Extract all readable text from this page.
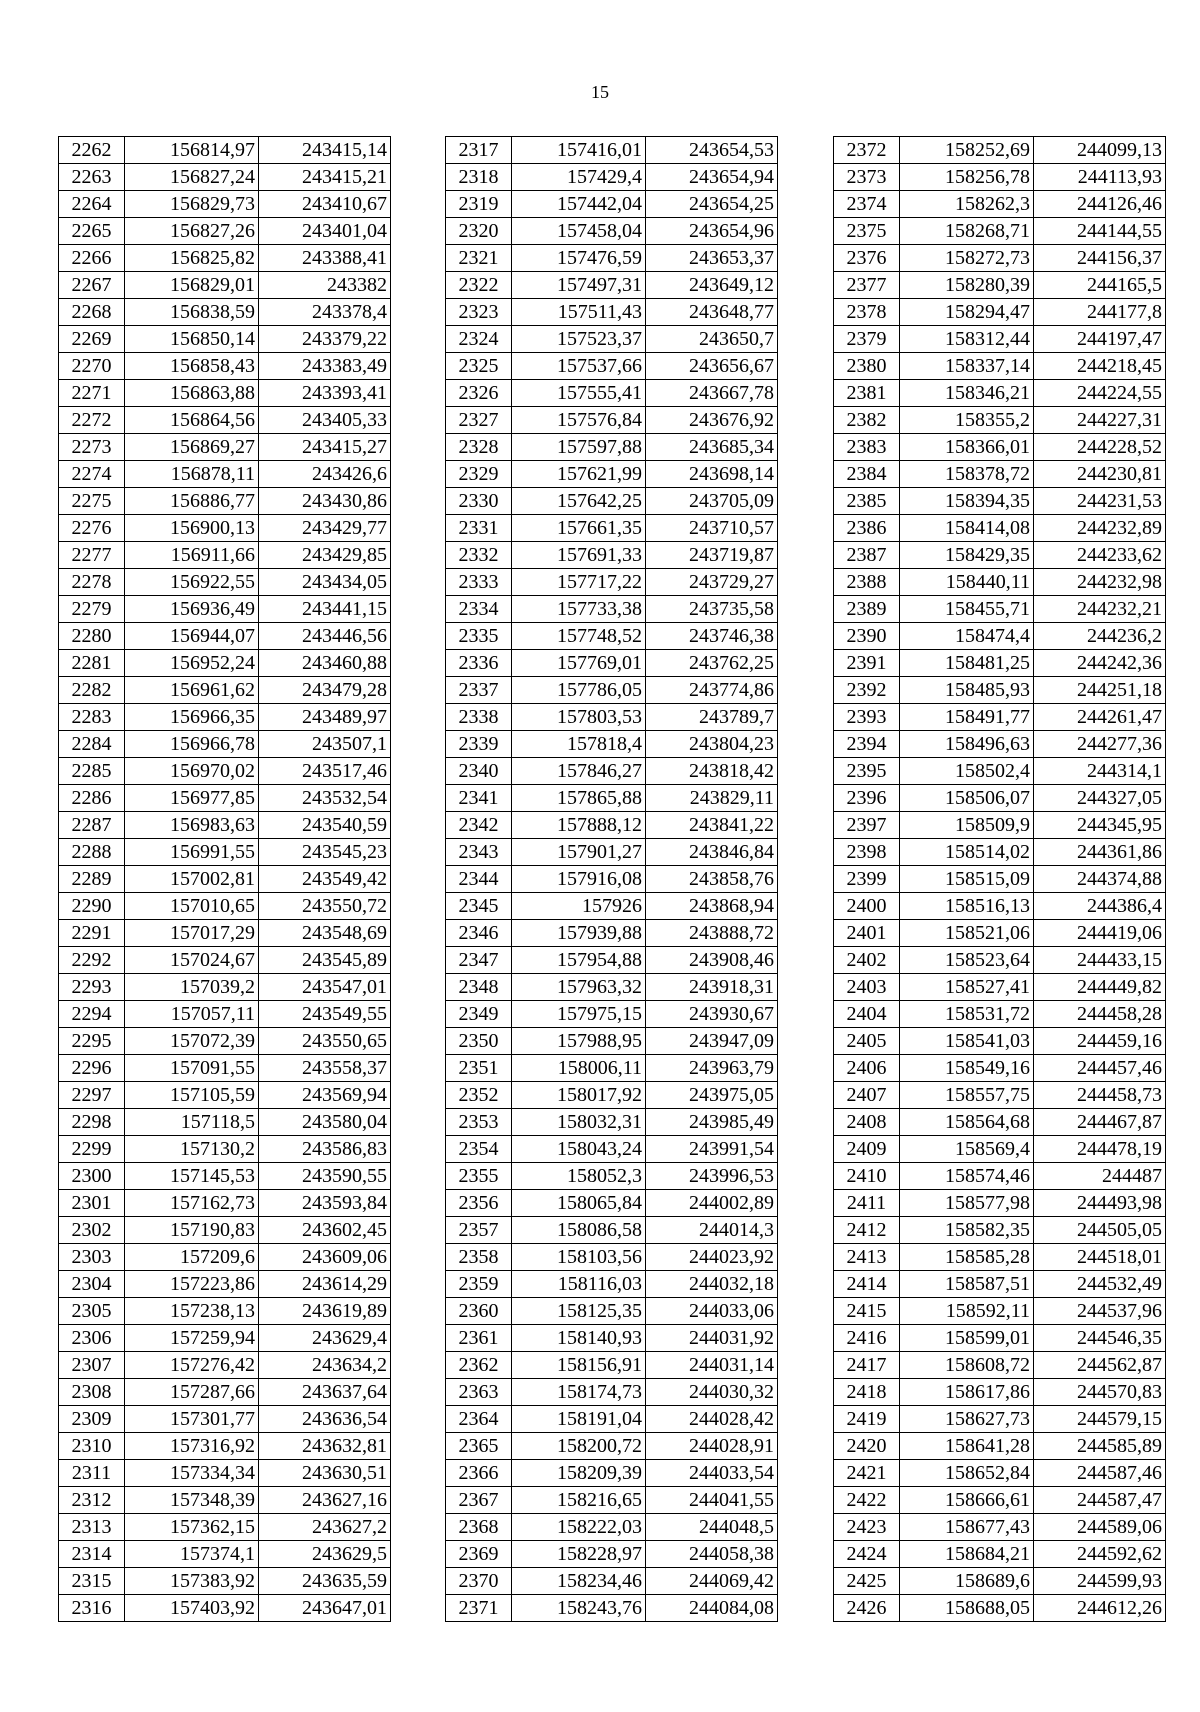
15
2262	156814,97	243415,14
2263	156827,24	243415,21
2264	156829,73	243410,67
2265	156827,26	243401,04
2266	156825,82	243388,41
2267	156829,01	243382
2268	156838,59	243378,4
2269	156850,14	243379,22
2270	156858,43	243383,49
2271	156863,88	243393,41
2272	156864,56	243405,33
2273	156869,27	243415,27
2274	156878,11	243426,6
2275	156886,77	243430,86
2276	156900,13	243429,77
2277	156911,66	243429,85
2278	156922,55	243434,05
2279	156936,49	243441,15
2280	156944,07	243446,56
2281	156952,24	243460,88
2282	156961,62	243479,28
2283	156966,35	243489,97
2284	156966,78	243507,1
2285	156970,02	243517,46
2286	156977,85	243532,54
2287	156983,63	243540,59
2288	156991,55	243545,23
2289	157002,81	243549,42
2290	157010,65	243550,72
2291	157017,29	243548,69
2292	157024,67	243545,89
2293	157039,2	243547,01
2294	157057,11	243549,55
2295	157072,39	243550,65
2296	157091,55	243558,37
2297	157105,59	243569,94
2298	157118,5	243580,04
2299	157130,2	243586,83
2300	157145,53	243590,55
2301	157162,73	243593,84
2302	157190,83	243602,45
2303	157209,6	243609,06
2304	157223,86	243614,29
2305	157238,13	243619,89
2306	157259,94	243629,4
2307	157276,42	243634,2
2308	157287,66	243637,64
2309	157301,77	243636,54
2310	157316,92	243632,81
2311	157334,34	243630,51
2312	157348,39	243627,16
2313	157362,15	243627,2
2314	157374,1	243629,5
2315	157383,92	243635,59
2316	157403,92	243647,01
2317	157416,01	243654,53
2318	157429,4	243654,94
2319	157442,04	243654,25
2320	157458,04	243654,96
2321	157476,59	243653,37
2322	157497,31	243649,12
2323	157511,43	243648,77
2324	157523,37	243650,7
2325	157537,66	243656,67
2326	157555,41	243667,78
2327	157576,84	243676,92
2328	157597,88	243685,34
2329	157621,99	243698,14
2330	157642,25	243705,09
2331	157661,35	243710,57
2332	157691,33	243719,87
2333	157717,22	243729,27
2334	157733,38	243735,58
2335	157748,52	243746,38
2336	157769,01	243762,25
2337	157786,05	243774,86
2338	157803,53	243789,7
2339	157818,4	243804,23
2340	157846,27	243818,42
2341	157865,88	243829,11
2342	157888,12	243841,22
2343	157901,27	243846,84
2344	157916,08	243858,76
2345	157926	243868,94
2346	157939,88	243888,72
2347	157954,88	243908,46
2348	157963,32	243918,31
2349	157975,15	243930,67
2350	157988,95	243947,09
2351	158006,11	243963,79
2352	158017,92	243975,05
2353	158032,31	243985,49
2354	158043,24	243991,54
2355	158052,3	243996,53
2356	158065,84	244002,89
2357	158086,58	244014,3
2358	158103,56	244023,92
2359	158116,03	244032,18
2360	158125,35	244033,06
2361	158140,93	244031,92
2362	158156,91	244031,14
2363	158174,73	244030,32
2364	158191,04	244028,42
2365	158200,72	244028,91
2366	158209,39	244033,54
2367	158216,65	244041,55
2368	158222,03	244048,5
2369	158228,97	244058,38
2370	158234,46	244069,42
2371	158243,76	244084,08
2372	158252,69	244099,13
2373	158256,78	244113,93
2374	158262,3	244126,46
2375	158268,71	244144,55
2376	158272,73	244156,37
2377	158280,39	244165,5
2378	158294,47	244177,8
2379	158312,44	244197,47
2380	158337,14	244218,45
2381	158346,21	244224,55
2382	158355,2	244227,31
2383	158366,01	244228,52
2384	158378,72	244230,81
2385	158394,35	244231,53
2386	158414,08	244232,89
2387	158429,35	244233,62
2388	158440,11	244232,98
2389	158455,71	244232,21
2390	158474,4	244236,2
2391	158481,25	244242,36
2392	158485,93	244251,18
2393	158491,77	244261,47
2394	158496,63	244277,36
2395	158502,4	244314,1
2396	158506,07	244327,05
2397	158509,9	244345,95
2398	158514,02	244361,86
2399	158515,09	244374,88
2400	158516,13	244386,4
2401	158521,06	244419,06
2402	158523,64	244433,15
2403	158527,41	244449,82
2404	158531,72	244458,28
2405	158541,03	244459,16
2406	158549,16	244457,46
2407	158557,75	244458,73
2408	158564,68	244467,87
2409	158569,4	244478,19
2410	158574,46	244487
2411	158577,98	244493,98
2412	158582,35	244505,05
2413	158585,28	244518,01
2414	158587,51	244532,49
2415	158592,11	244537,96
2416	158599,01	244546,35
2417	158608,72	244562,87
2418	158617,86	244570,83
2419	158627,73	244579,15
2420	158641,28	244585,89
2421	158652,84	244587,46
2422	158666,61	244587,47
2423	158677,43	244589,06
2424	158684,21	244592,62
2425	158689,6	244599,93
2426	158688,05	244612,26
